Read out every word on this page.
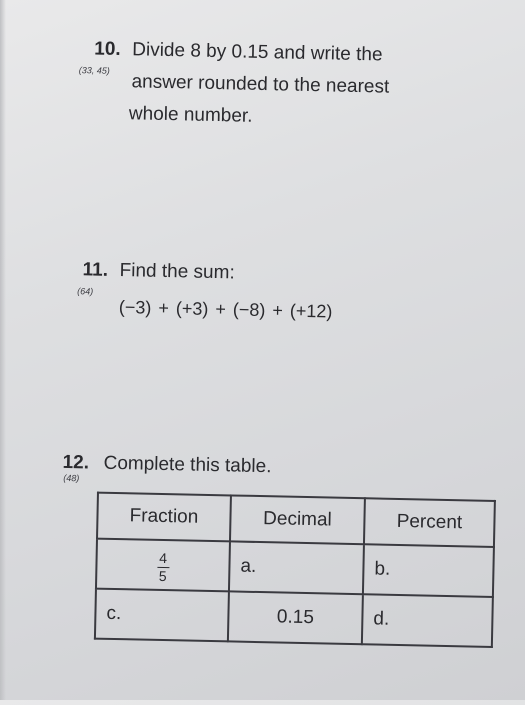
10.
(33, 45)
Divide 8 by 0.15 and write the
answer rounded to the nearest
whole number.
11.
(64)
Find the sum:
(−3) + (+3) + (−8) + (+12)
12.
(48)
Complete this table.
Fraction	Decimal	Percent

$\frac{4}{5}$	a.	b.
c.	0.15	d.
